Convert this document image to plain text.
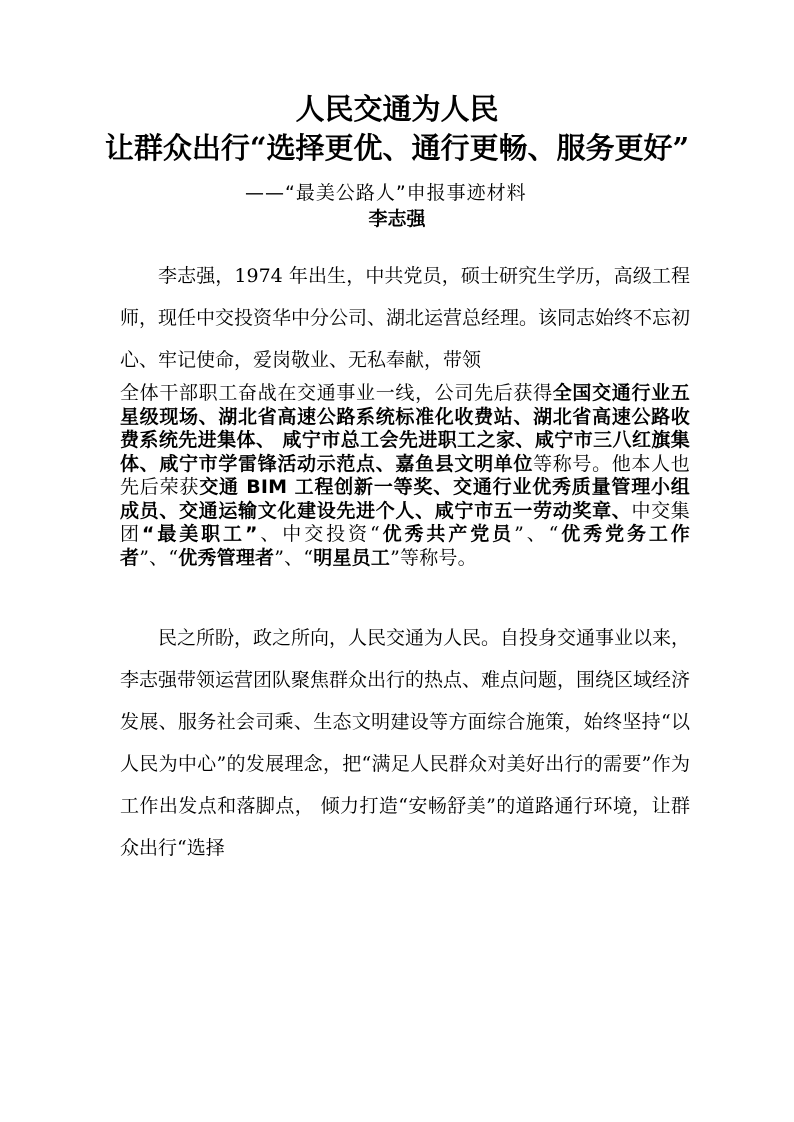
人民交通为人民
让群众出行“选择更优、通行更畅、服务更好”
——“最美公路人”申报事迹材料
李志强
李志强，1974 年出生，中共党员，硕士研究生学历，高级工程师，现任中交投资华中分公司、湖北运营总经理。该同志始终不忘初心、牢记使命，爱岗敬业、无私奉献，带领
全体干部职工奋战在交通事业一线，公司先后获得全国交通行业五星级现场、湖北省高速公路系统标准化收费站、湖北省高速公路收费系统先进集体、 咸宁市总工会先进职工之家、咸宁市三八红旗集体、咸宁市学雷锋活动示范点、嘉鱼县文明单位等称号。他本人也先后荣获交通 BIM 工程创新一等奖、交通行业优秀质量管理小组成员、交通运输文化建设先进个人、咸宁市五一劳动奖章、中交集团“最美职工”、中交投资“优秀共产党员”、“优秀党务工作者”、“优秀管理者”、“明星员工”等称号。
民之所盼，政之所向，人民交通为人民。自投身交通事业以来，李志强带领运营团队聚焦群众出行的热点、难点问题，围绕区域经济发展、服务社会司乘、生态文明建设等方面综合施策，始终坚持“以人民为中心”的发展理念，把“满足人民群众对美好出行的需要”作为工作出发点和落脚点， 倾力打造“安畅舒美”的道路通行环境，让群众出行“选择
